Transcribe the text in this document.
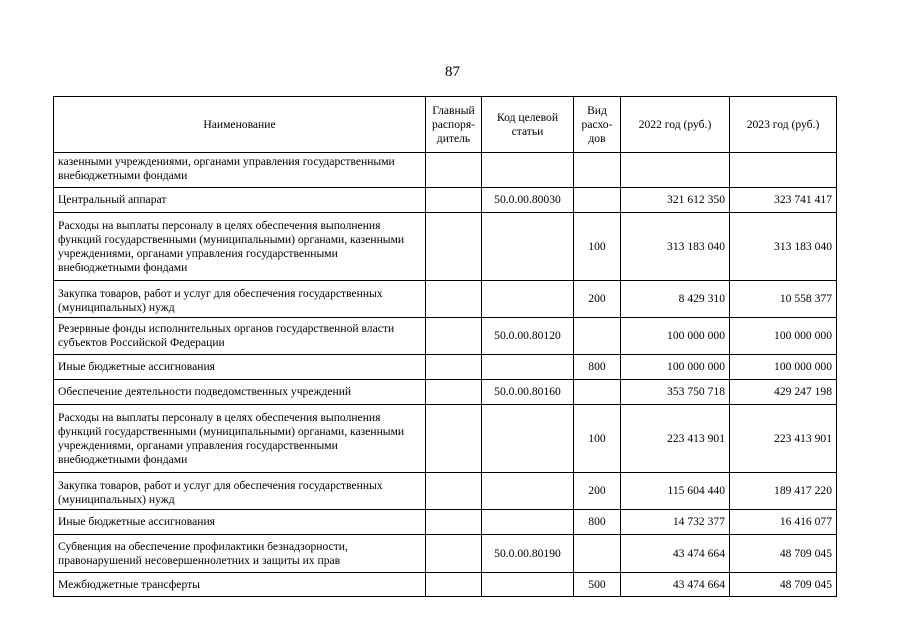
87
Наименование	Главный распоря- дитель	Код целевой статьи	Вид расхо- дов	2022 год (руб.)	2023 год (руб.)
казенными учреждениями, органами управления государственными внебюджетными фондами					
Центральный аппарат		50.0.00.80030		321 612 350	323 741 417
Расходы на выплаты персоналу в целях обеспечения выполнения функций государственными (муниципальными) органами, казенными учреждениями, органами управления государственными внебюджетными фондами			100	313 183 040	313 183 040
Закупка товаров, работ и услуг для обеспечения государственных (муниципальных) нужд			200	8 429 310	10 558 377
Резервные фонды исполнительных органов государственной власти субъектов Российской Федерации		50.0.00.80120		100 000 000	100 000 000
Иные бюджетные ассигнования			800	100 000 000	100 000 000
Обеспечение деятельности подведомственных учреждений		50.0.00.80160		353 750 718	429 247 198
Расходы на выплаты персоналу в целях обеспечения выполнения функций государственными (муниципальными) органами, казенными учреждениями, органами управления государственными внебюджетными фондами			100	223 413 901	223 413 901
Закупка товаров, работ и услуг для обеспечения государственных (муниципальных) нужд			200	115 604 440	189 417 220
Иные бюджетные ассигнования			800	14 732 377	16 416 077
Субвенция на обеспечение профилактики безнадзорности, правонарушений несовершеннолетних и защиты их прав		50.0.00.80190		43 474 664	48 709 045
Межбюджетные трансферты			500	43 474 664	48 709 045
